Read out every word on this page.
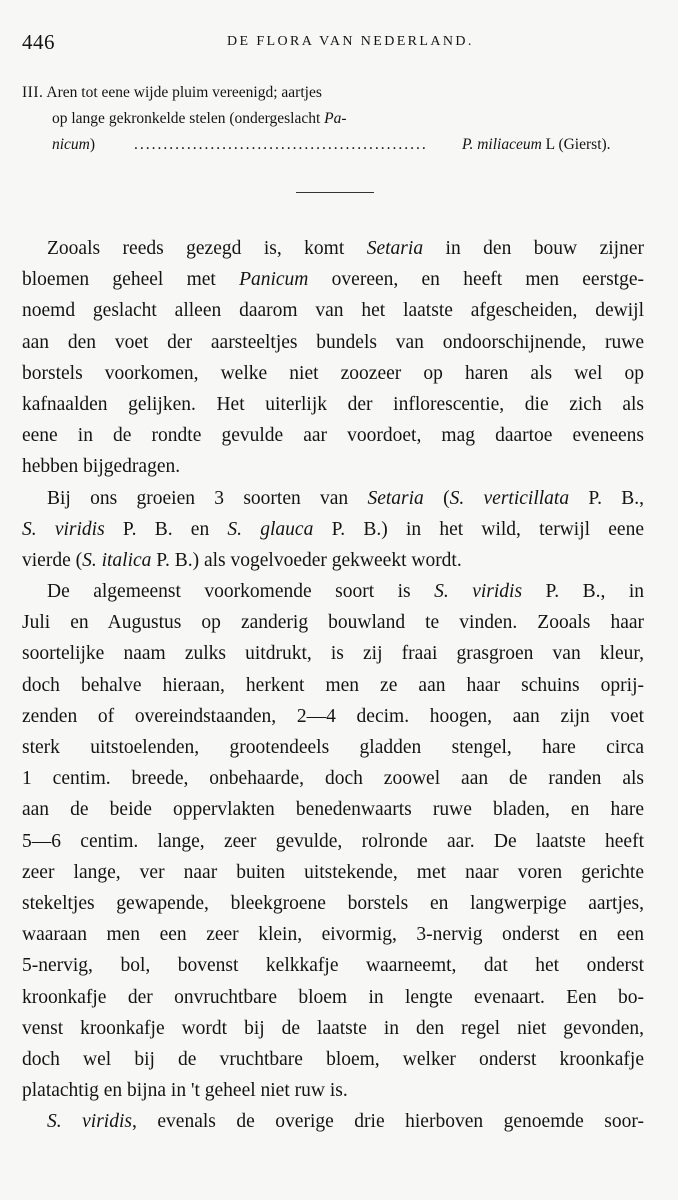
446	DE FLORA VAN NEDERLAND.
III. Aren tot eene wijde pluim vereenigd; aartjes
op lange gekronkelde stelen (ondergeslacht Pa-
nicum)	..................................................	P. miliaceum L (Gierst).
Zooals reeds gezegd is, komt Setaria in den bouw zijner
bloemen geheel met Panicum overeen, en heeft men eerstge-
noemd geslacht alleen daarom van het laatste afgescheiden, dewijl
aan den voet der aarsteeltjes bundels van ondoorschijnende, ruwe
borstels voorkomen, welke niet zoozeer op haren als wel op
kafnaalden gelijken. Het uiterlijk der inflorescentie, die zich als
eene in de rondte gevulde aar voordoet, mag daartoe eveneens
hebben bijgedragen.
Bij ons groeien 3 soorten van Setaria (S. verticillata P. B.,
S. viridis P. B. en S. glauca P. B.) in het wild, terwijl eene
vierde (S. italica P. B.) als vogelvoeder gekweekt wordt.
De algemeenst voorkomende soort is S. viridis P. B., in
Juli en Augustus op zanderig bouwland te vinden. Zooals haar
soortelijke naam zulks uitdrukt, is zij fraai grasgroen van kleur,
doch behalve hieraan, herkent men ze aan haar schuins oprij-
zenden of overeindstaanden, 2—4 decim. hoogen, aan zijn voet
sterk uitstoelenden, grootendeels gladden stengel, hare circa
1 centim. breede, onbehaarde, doch zoowel aan de randen als
aan de beide oppervlakten benedenwaarts ruwe bladen, en hare
5—6 centim. lange, zeer gevulde, rolronde aar. De laatste heeft
zeer lange, ver naar buiten uitstekende, met naar voren gerichte
stekeltjes gewapende, bleekgroene borstels en langwerpige aartjes,
waaraan men een zeer klein, eivormig, 3-nervig onderst en een
5-nervig, bol, bovenst kelkkafje waarneemt, dat het onderst
kroonkafje der onvruchtbare bloem in lengte evenaart. Een bo-
venst kroonkafje wordt bij de laatste in den regel niet gevonden,
doch wel bij de vruchtbare bloem, welker onderst kroonkafje
platachtig en bijna in 't geheel niet ruw is.
S. viridis, evenals de overige drie hierboven genoemde soor-
